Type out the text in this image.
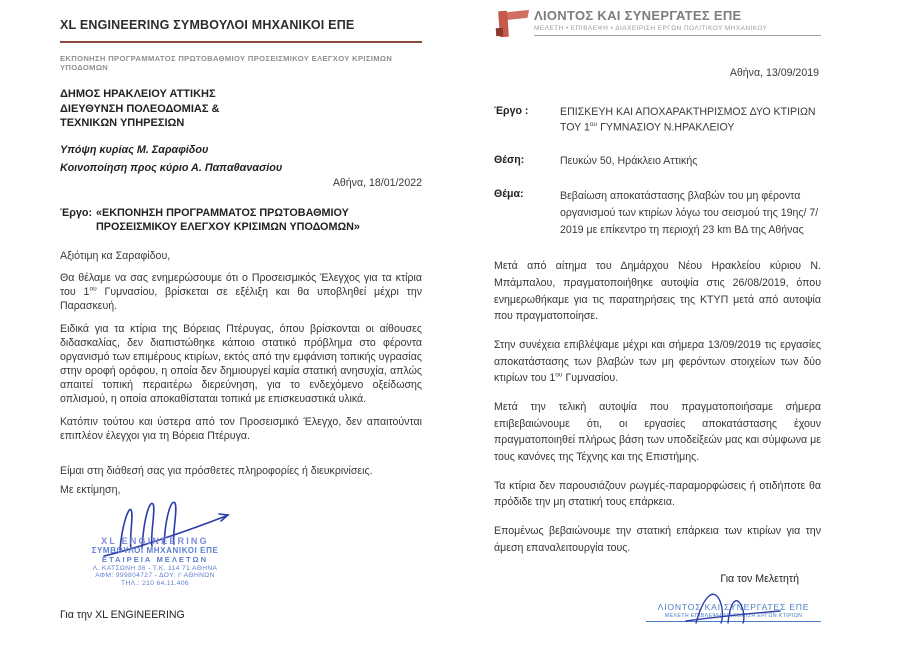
XL ENGINEERING ΣΥΜΒΟΥΛΟΙ ΜΗΧΑΝΙΚΟΙ ΕΠΕ
ΕΚΠΟΝΗΣΗ ΠΡΟΓΡΑΜΜΑΤΟΣ ΠΡΩΤΟΒΑΘΜΙΟΥ ΠΡΟΣΕΙΣΜΙΚΟΥ ΕΛΕΓΧΟΥ ΚΡΙΣΙΜΩΝ ΥΠΟΔΟΜΩΝ
ΔΗΜΟΣ ΗΡΑΚΛΕΙΟΥ ΑΤΤΙΚΗΣ
ΔΙΕΥΘΥΝΣΗ ΠΟΛΕΟΔΟΜΙΑΣ &
ΤΕΧΝΙΚΩΝ ΥΠΗΡΕΣΙΩΝ
Υπόψη κυρίας Μ. Σαραφίδου
Κοινοποίηση προς κύριο Α. Παπαθανασίου
Αθήνα, 18/01/2022
Έργο: «ΕΚΠΟΝΗΣΗ ΠΡΟΓΡΑΜΜΑΤΟΣ ΠΡΩΤΟΒΑΘΜΙΟΥ ΠΡΟΣΕΙΣΜΙΚΟΥ ΕΛΕΓΧΟΥ ΚΡΙΣΙΜΩΝ ΥΠΟΔΟΜΩΝ»
Αξιότιμη κα Σαραφίδου,

Θα θέλαμε να σας ενημερώσουμε ότι ο Προσεισμικός Έλεγχος για τα κτίρια του $1^{o\upsilon}$ Γυμνασίου, βρίσκεται σε εξέλιξη και θα υποβληθεί μέχρι την Παρασκευή.

Ειδικά για τα κτίρια της Βόρειας Πτέρυγας, όπου βρίσκονται οι αίθουσες διδασκαλίας, δεν διαπιστώθηκε κάποιο στατικό πρόβλημα στο φέροντα οργανισμό των επιμέρους κτιρίων, εκτός από την εμφάνιση τοπικής υγρασίας στην οροφή ορόφου, η οποία δεν δημιουργεί καμία στατική ανησυχία, απλώς απαιτεί τοπική περαιτέρω διερεύνηση, για το ενδεχόμενο οξείδωσης οπλισμού, η οποία αποκαθίσταται τοπικά με επισκευαστικά υλικά.

Κατόπιν τούτου και ύστερα από τον Προσεισμικό Έλεγχο, δεν απαιτούνται επιπλέον έλεγχοι για τη Βόρεια Πτέρυγα.

Είμαι στη διάθεσή σας για πρόσθετες πληροφορίες ή διευκρινίσεις.
Με εκτίμηση,
XL ENGINEERING
ΣΥΜΒΟΥΛΟΙ ΜΗΧΑΝΙΚΟΙ ΕΠΕ
ΕΤΑΙΡΕΙΑ ΜΕΛΕΤΩΝ
Λ. ΚΑΤΣΩΝΗ 36 - Τ.Κ. 114 71 ΑΘΗΝΑ
ΑΦΜ: 999804727 - ΔΟΥ: Ι' ΑΘΗΝΩΝ
ΤΗΛ.: 210 64.11.406
Για την XL ENGINEERING
ΛΙΟΝΤΟΣ ΚΑΙ ΣΥΝΕΡΓΑΤΕΣ ΕΠΕ
ΜΕΛΕΤΗ • ΕΠΙΒΛΕΨΗ • ΔΙΑΧΕΙΡΙΣΗ ΕΡΓΩΝ ΠΟΛΙΤΙΚΟΥ ΜΗΧΑΝΙΚΟΥ
Αθήνα, 13/09/2019
Έργο :	ΕΠΙΣΚΕΥΗ ΚΑΙ ΑΠΟΧΑΡΑΚΤΗΡΙΣΜΟΣ ΔΥΟ ΚΤΙΡΙΩΝ ΤΟΥ $1^{o\upsilon}$ ΓΥΜΝΑΣΙΟΥ Ν.ΗΡΑΚΛΕΙΟΥ
Θέση:	Πευκών 50, Ηράκλειο Αττικής
Θέμα:	Βεβαίωση αποκατάστασης βλαβών του μη φέροντα οργανισμού των κτιρίων λόγω του σεισμού της 19ης/ 7/ 2019 με επίκεντρο τη περιοχή 23 km ΒΔ της Αθήνας

Μετά από αίτημα του Δημάρχου Νέου Ηρακλείου κύριου Ν. Μπάμπαλου, πραγματοποιήθηκε αυτοψία στις 26/08/2019, όπου ενημερωθήκαμε για τις παρατηρήσεις της ΚΤΥΠ μετά από αυτοψία που πραγματοποίησε.

Στην συνέχεια επιβλέψαμε μέχρι και σήμερα 13/09/2019 τις εργασίες αποκατάστασης των βλαβών των μη φερόντων στοιχείων των δύο κτιρίων του $1^{o\upsilon}$ Γυμνασίου.

Μετά την τελική αυτοψία που πραγματοποιήσαμε σήμερα επιβεβαιώνουμε ότι, οι εργασίες αποκατάστασης έχουν πραγματοποιηθεί πλήρως βάση των υποδείξεών μας και σύμφωνα με τους κανόνες της Τέχνης και της Επιστήμης.

Τα κτίρια δεν παρουσιάζουν ρωγμές-παραμορφώσεις ή οτιδήποτε θα πρόδιδε την μη στατική τους επάρκεια.

Επομένως βεβαιώνουμε την στατική επάρκεια των κτιρίων για την άμεση επαναλειτουργία τους.

Για τον Μελετητή
ΛΙΟΝΤΟΣ ΚΑΙ ΣΥΝΕΡΓΑΤΕΣ ΕΠΕ
ΜΕΛΕΤΗ ΕΠΙΒΛΕΨΗ ΔΙΑΧΕΙΡΙΣΗ ΕΡΓΩΝ ΚΤΙΡΙΩΝ
